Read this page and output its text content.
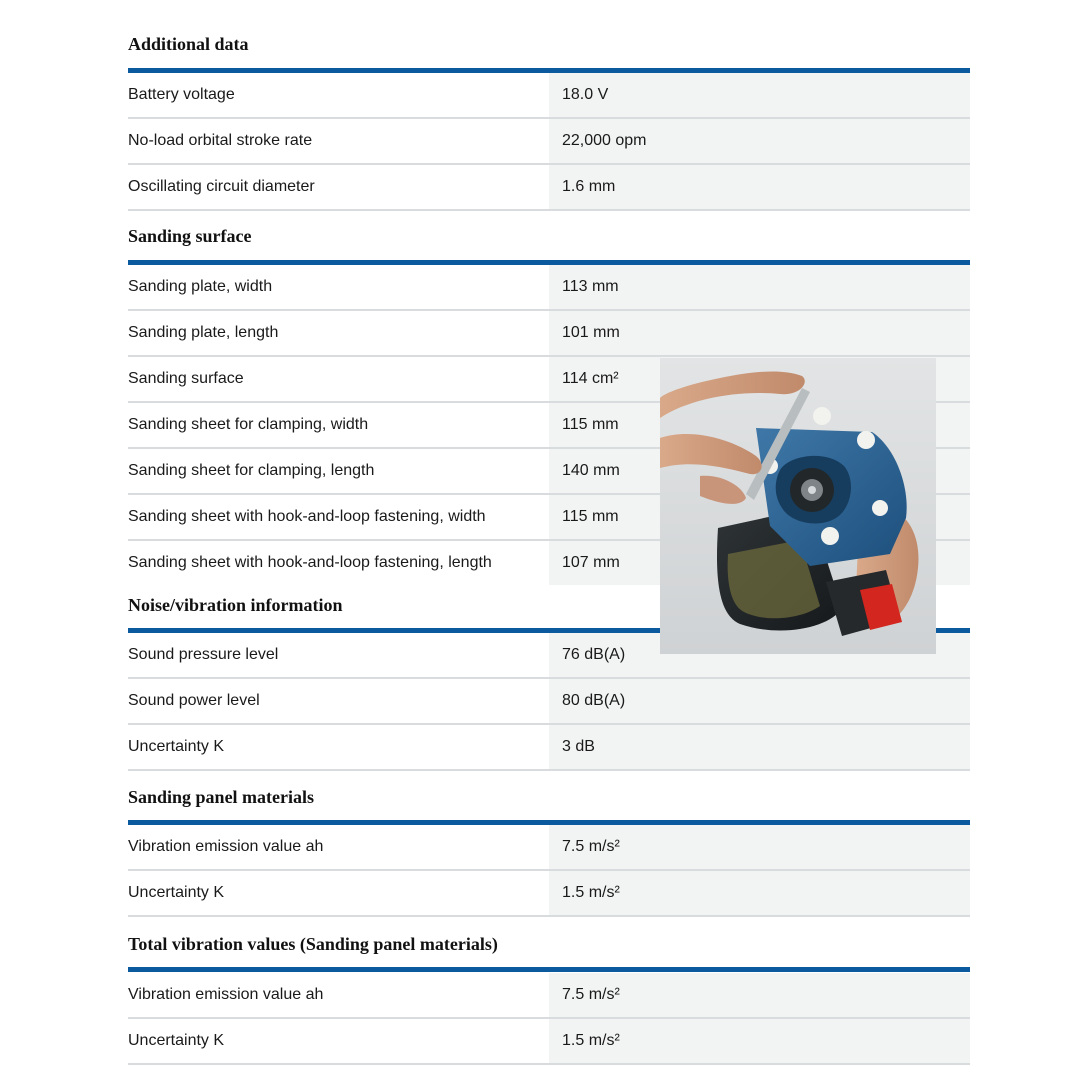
Additional data
Battery voltage	18.0 V
No-load orbital stroke rate	22,000 opm
Oscillating circuit diameter	1.6 mm
Sanding surface
Sanding plate, width	113 mm
Sanding plate, length	101 mm
Sanding surface	114 cm²
Sanding sheet for clamping, width	115 mm
Sanding sheet for clamping, length	140 mm
Sanding sheet with hook-and-loop fastening, width	115 mm
Sanding sheet with hook-and-loop fastening, length	107 mm
Noise/vibration information
Sound pressure level	76 dB(A)
Sound power level	80 dB(A)
Uncertainty K	3 dB
Sanding panel materials
Vibration emission value ah	7.5 m/s²
Uncertainty K	1.5 m/s²
Total vibration values (Sanding panel materials)
Vibration emission value ah	7.5 m/s²
Uncertainty K	1.5 m/s²
